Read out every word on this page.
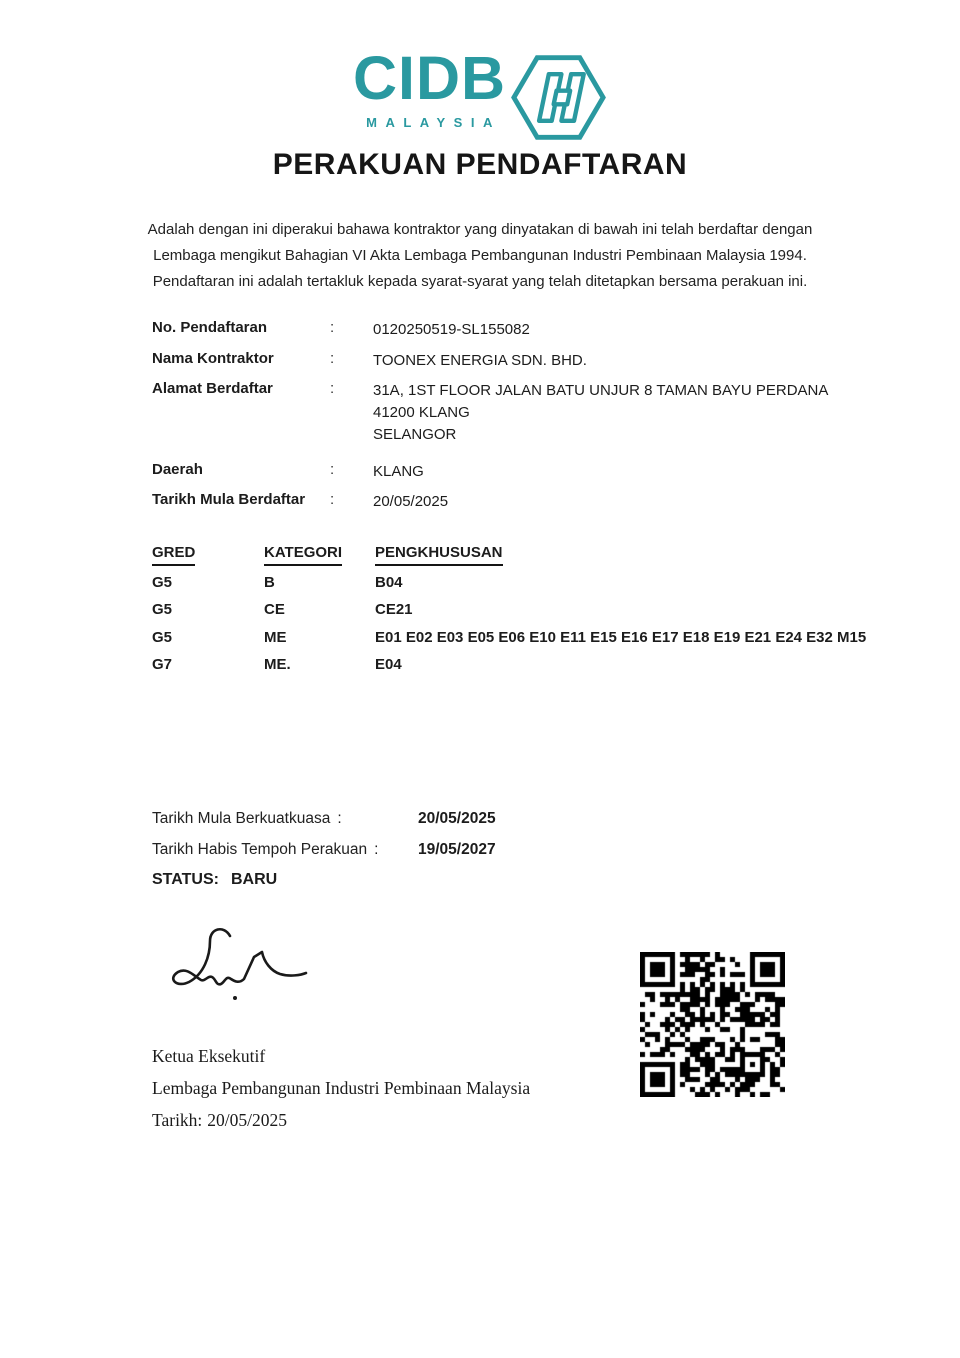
CIDB
MALAYSIA
PERAKUAN PENDAFTARAN

Adalah dengan ini diperakui bahawa kontraktor yang dinyatakan di bawah ini telah berdaftar dengan Lembaga mengikut Bahagian VI Akta Lembaga Pembangunan Industri Pembinaan Malaysia 1994. Pendaftaran ini adalah tertakluk kepada syarat-syarat yang telah ditetapkan bersama perakuan ini.

No. Pendaftaran	:	0120250519-SL155082
Nama Kontraktor	:	TOONEX ENERGIA SDN. BHD.
Alamat Berdaftar	:	31A, 1ST FLOOR JALAN BATU UNJUR 8 TAMAN BAYU PERDANA
41200 KLANG
SELANGOR
Daerah	:	KLANG
Tarikh Mula Berdaftar	:	20/05/2025
GRED	KATEGORI	PENGKHUSUSAN
G5	B	B04
G5	CE	CE21
G5	ME	E01 E02 E03 E05 E06 E10 E11 E15 E16 E17 E18 E19 E21 E24 E32 M15
G7	ME.	E04
Tarikh Mula Berkuatkuasa :	20/05/2025
Tarikh Habis Tempoh Perakuan :	19/05/2027
STATUS: BARU
Ketua Eksekutif
Lembaga Pembangunan Industri Pembinaan Malaysia
Tarikh: 20/05/2025
